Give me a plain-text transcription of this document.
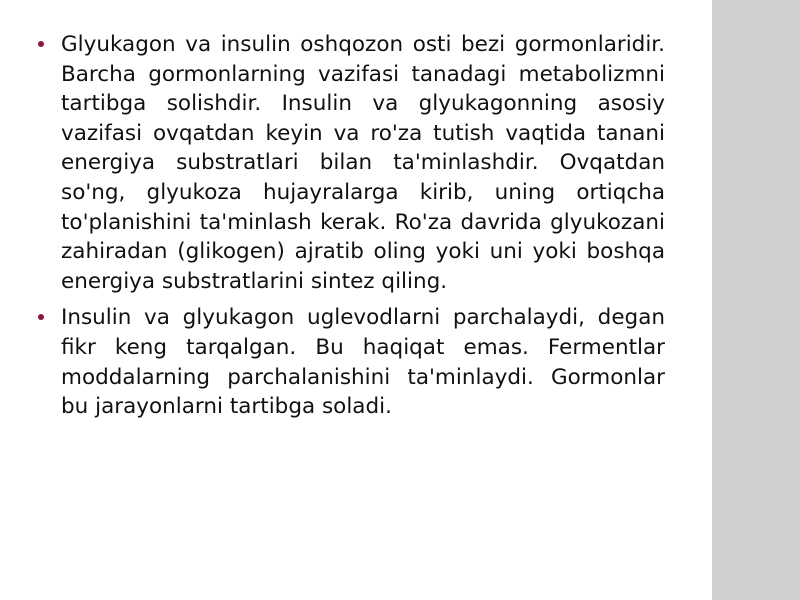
Glyukagon va insulin oshqozon osti bezi gormonlaridir. Barcha gormonlarning vazifasi tanadagi metabolizmni tartibga solishdir. Insulin va glyukagonning asosiy vazifasi ovqatdan keyin va ro'za tutish vaqtida tanani energiya substratlari bilan ta'minlashdir. Ovqatdan so'ng, glyukoza hujayralarga kirib, uning ortiqcha to'planishini ta'minlash kerak. Ro'za davrida glyukozani zahiradan (glikogen) ajratib oling yoki uni yoki boshqa energiya substratlarini sintez qiling.

Insulin va glyukagon uglevodlarni parchalaydi, degan fikr keng tarqalgan. Bu haqiqat emas. Fermentlar moddalarning parchalanishini ta'minlaydi. Gormonlar bu jarayonlarni tartibga soladi.
